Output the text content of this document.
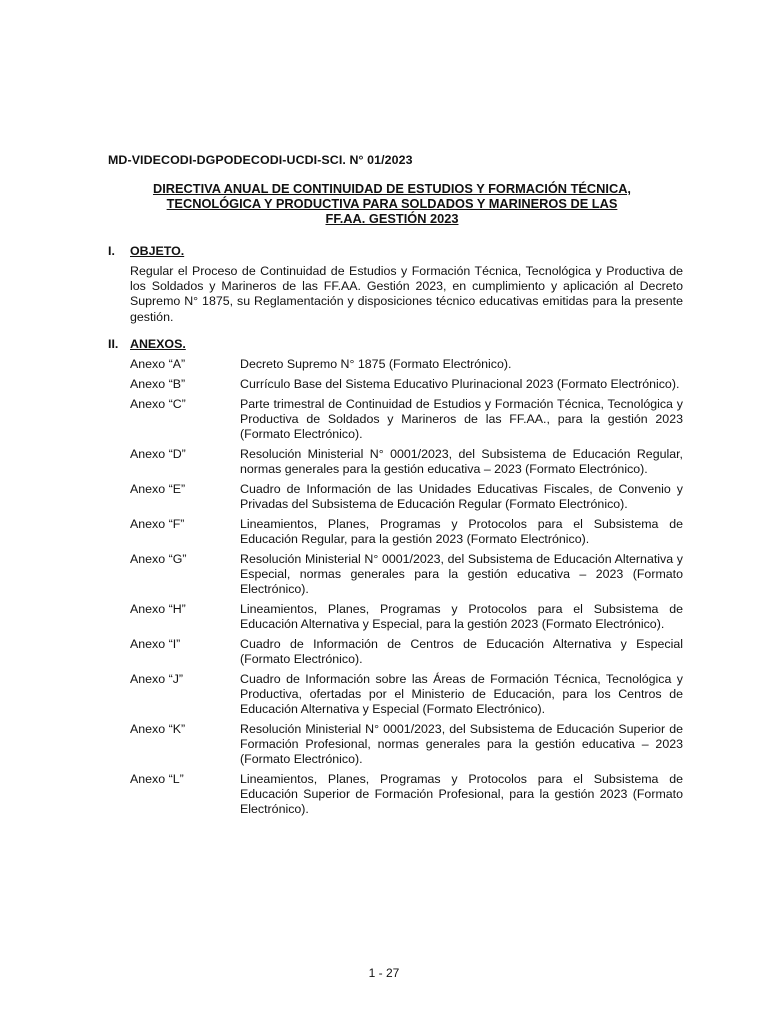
MD-VIDECODI-DGPODECODI-UCDI-SCI. N° 01/2023
DIRECTIVA ANUAL DE CONTINUIDAD DE ESTUDIOS Y FORMACIÓN TÉCNICA,
TECNOLÓGICA Y PRODUCTIVA PARA SOLDADOS Y MARINEROS DE LAS
FF.AA. GESTIÓN 2023
I. OBJETO.
Regular el Proceso de Continuidad de Estudios y Formación Técnica, Tecnológica y Productiva de los Soldados y Marineros de las FF.AA. Gestión 2023, en cumplimiento y aplicación al Decreto Supremo N° 1875, su Reglamentación y disposiciones técnico educativas emitidas para la presente gestión.
II. ANEXOS.
Anexo “A”	Decreto Supremo N° 1875 (Formato Electrónico).
Anexo “B”	Currículo Base del Sistema Educativo Plurinacional 2023 (Formato Electrónico).
Anexo “C”	Parte trimestral de Continuidad de Estudios y Formación Técnica, Tecnológica y Productiva de Soldados y Marineros de las FF.AA., para la gestión 2023 (Formato Electrónico).
Anexo “D”	Resolución Ministerial N° 0001/2023, del Subsistema de Educación Regular, normas generales para la gestión educativa – 2023 (Formato Electrónico).
Anexo “E”	Cuadro de Información de las Unidades Educativas Fiscales, de Convenio y Privadas del Subsistema de Educación Regular (Formato Electrónico).
Anexo “F”	Lineamientos, Planes, Programas y Protocolos para el Subsistema de Educación Regular, para la gestión 2023 (Formato Electrónico).
Anexo “G”	Resolución Ministerial N° 0001/2023, del Subsistema de Educación Alternativa y Especial, normas generales para la gestión educativa – 2023 (Formato Electrónico).
Anexo “H”	Lineamientos, Planes, Programas y Protocolos para el Subsistema de Educación Alternativa y Especial, para la gestión 2023 (Formato Electrónico).
Anexo “I”	Cuadro de Información de Centros de Educación Alternativa y Especial (Formato Electrónico).
Anexo “J”	Cuadro de Información sobre las Áreas de Formación Técnica, Tecnológica y Productiva, ofertadas por el Ministerio de Educación, para los Centros de Educación Alternativa y Especial (Formato Electrónico).
Anexo “K”	Resolución Ministerial N° 0001/2023, del Subsistema de Educación Superior de Formación Profesional, normas generales para la gestión educativa – 2023 (Formato Electrónico).
Anexo “L”	Lineamientos, Planes, Programas y Protocolos para el Subsistema de Educación Superior de Formación Profesional, para la gestión 2023 (Formato Electrónico).
1 - 27
